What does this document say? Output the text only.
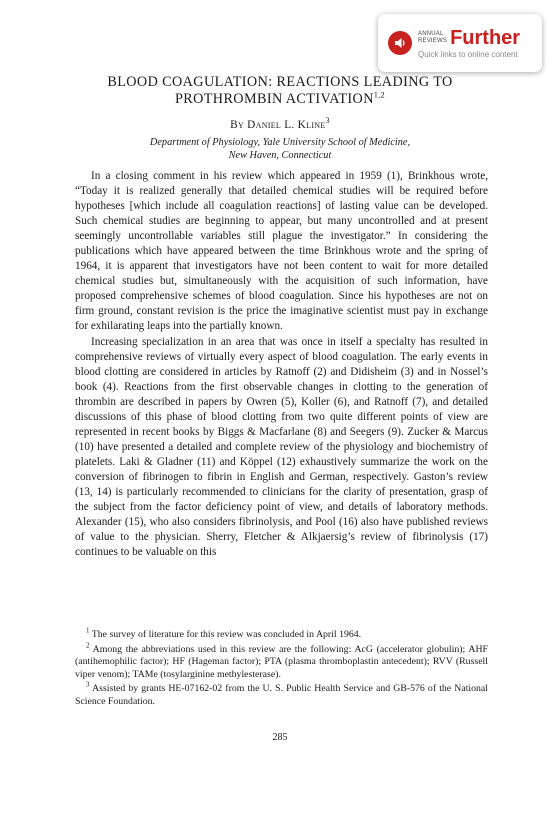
ANNUAL
REVIEWS Further
Quick links to online content
BLOOD COAGULATION: REACTIONS LEADING TO
PROTHROMBIN ACTIVATION$^{1,2}$
By Daniel L. Kline$^3$
Department of Physiology, Yale University School of Medicine,
New Haven, Connecticut

In a closing comment in his review which appeared in 1959 (1), Brinkhous wrote, “Today it is realized generally that detailed chemical studies will be required before hypotheses [which include all coagulation reactions] of lasting value can be developed. Such chemical studies are beginning to appear, but many uncontrolled and at present seemingly uncontrollable variables still plague the investigator.” In considering the publications which have appeared between the time Brinkhous wrote and the spring of 1964, it is apparent that investigators have not been content to wait for more detailed chemical studies but, simultaneously with the acquisition of such information, have proposed comprehensive schemes of blood coagulation. Since his hypotheses are not on firm ground, constant revision is the price the imaginative scientist must pay in exchange for exhilarating leaps into the partially known.

Increasing specialization in an area that was once in itself a specialty has resulted in comprehensive reviews of virtually every aspect of blood coagulation. The early events in blood clotting are considered in articles by Ratnoff (2) and Didisheim (3) and in Nossel’s book (4). Reactions from the first observable changes in clotting to the generation of thrombin are described in papers by Owren (5), Koller (6), and Ratnoff (7), and detailed discussions of this phase of blood clotting from two quite different points of view are represented in recent books by Biggs & Macfarlane (8) and Seegers (9). Zucker & Marcus (10) have presented a detailed and complete review of the physiology and biochemistry of platelets. Laki & Gladner (11) and Köppel (12) exhaustively summarize the work on the conversion of fibrinogen to fibrin in English and German, respectively. Gaston’s review (13, 14) is particularly recommended to clinicians for the clarity of presentation, grasp of the subject from the factor deficiency point of view, and details of laboratory methods. Alexander (15), who also considers fibrinolysis, and Pool (16) also have published reviews of value to the physician. Sherry, Fletcher & Alkjaersig’s review of fibrinolysis (17) continues to be valuable on this

$^1$ The survey of literature for this review was concluded in April 1964.

$^2$ Among the abbreviations used in this review are the following: AcG (accelerator globulin); AHF (antihemophilic factor); HF (Hageman factor); PTA (plasma thromboplastin antecedent); RVV (Russell viper venom); TAMe (tosylarginine methylesterase).

$^3$ Assisted by grants HE-07162-02 from the U. S. Public Health Service and GB-576 of the National Science Foundation.

285
